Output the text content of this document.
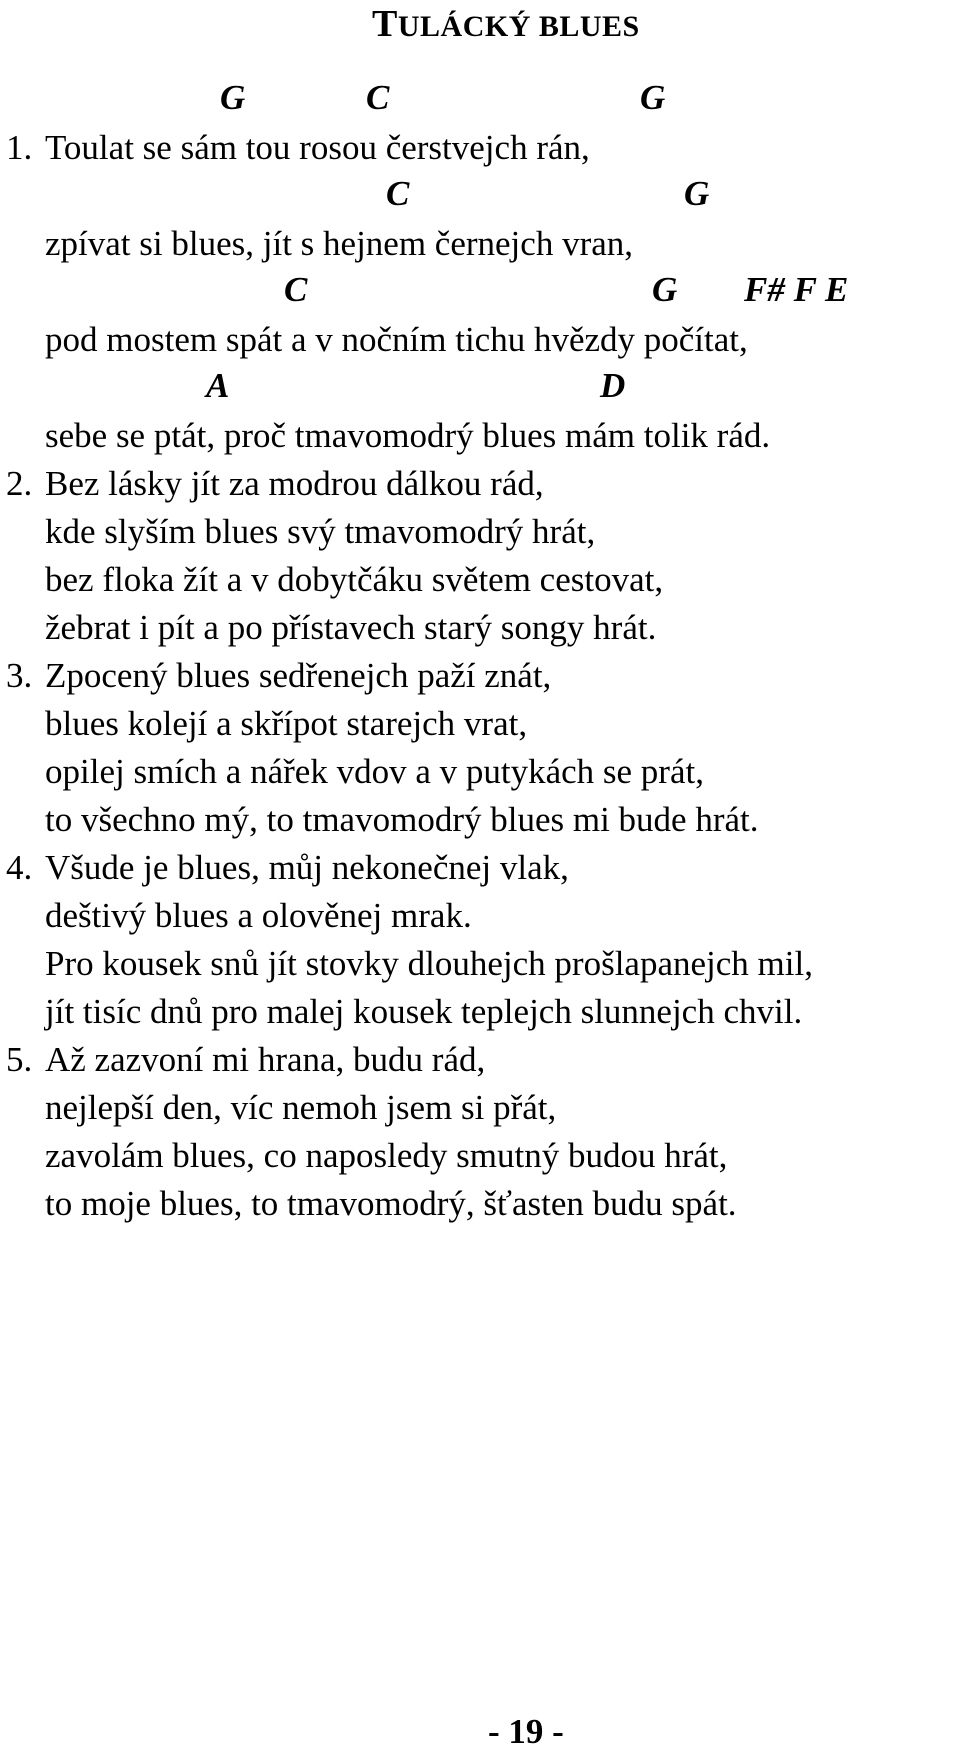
TULÁCKÝ BLUES
G	C	G
1. Toulat se sám tou rosou čerstvejch rán,
C	G
zpívat si blues, jít s hejnem černejch vran,
C	G F# F E
pod mostem spát a v nočním tichu hvězdy počítat,
A	D
sebe se ptát, proč tmavomodrý blues mám tolik rád.
2. Bez lásky jít za modrou dálkou rád,
kde slyším blues svý tmavomodrý hrát,
bez floka žít a v dobytčáku světem cestovat,
žebrat i pít a po přístavech starý songy hrát.
3. Zpocený blues sedřenejch paží znát,
blues kolejí a skřípot starejch vrat,
opilej smích a nářek vdov a v putykách se prát,
to všechno mý, to tmavomodrý blues mi bude hrát.
4. Všude je blues, můj nekonečnej vlak,
deštivý blues a olověnej mrak.
Pro kousek snů jít stovky dlouhejch prošlapanejch mil,
jít tisíc dnů pro malej kousek teplejch slunnejch chvil.
5. Až zazvoní mi hrana, budu rád,
nejlepší den, víc nemoh jsem si přát,
zavolám blues, co naposledy smutný budou hrát,
to moje blues, to tmavomodrý, šťasten budu spát.
- 19 -
